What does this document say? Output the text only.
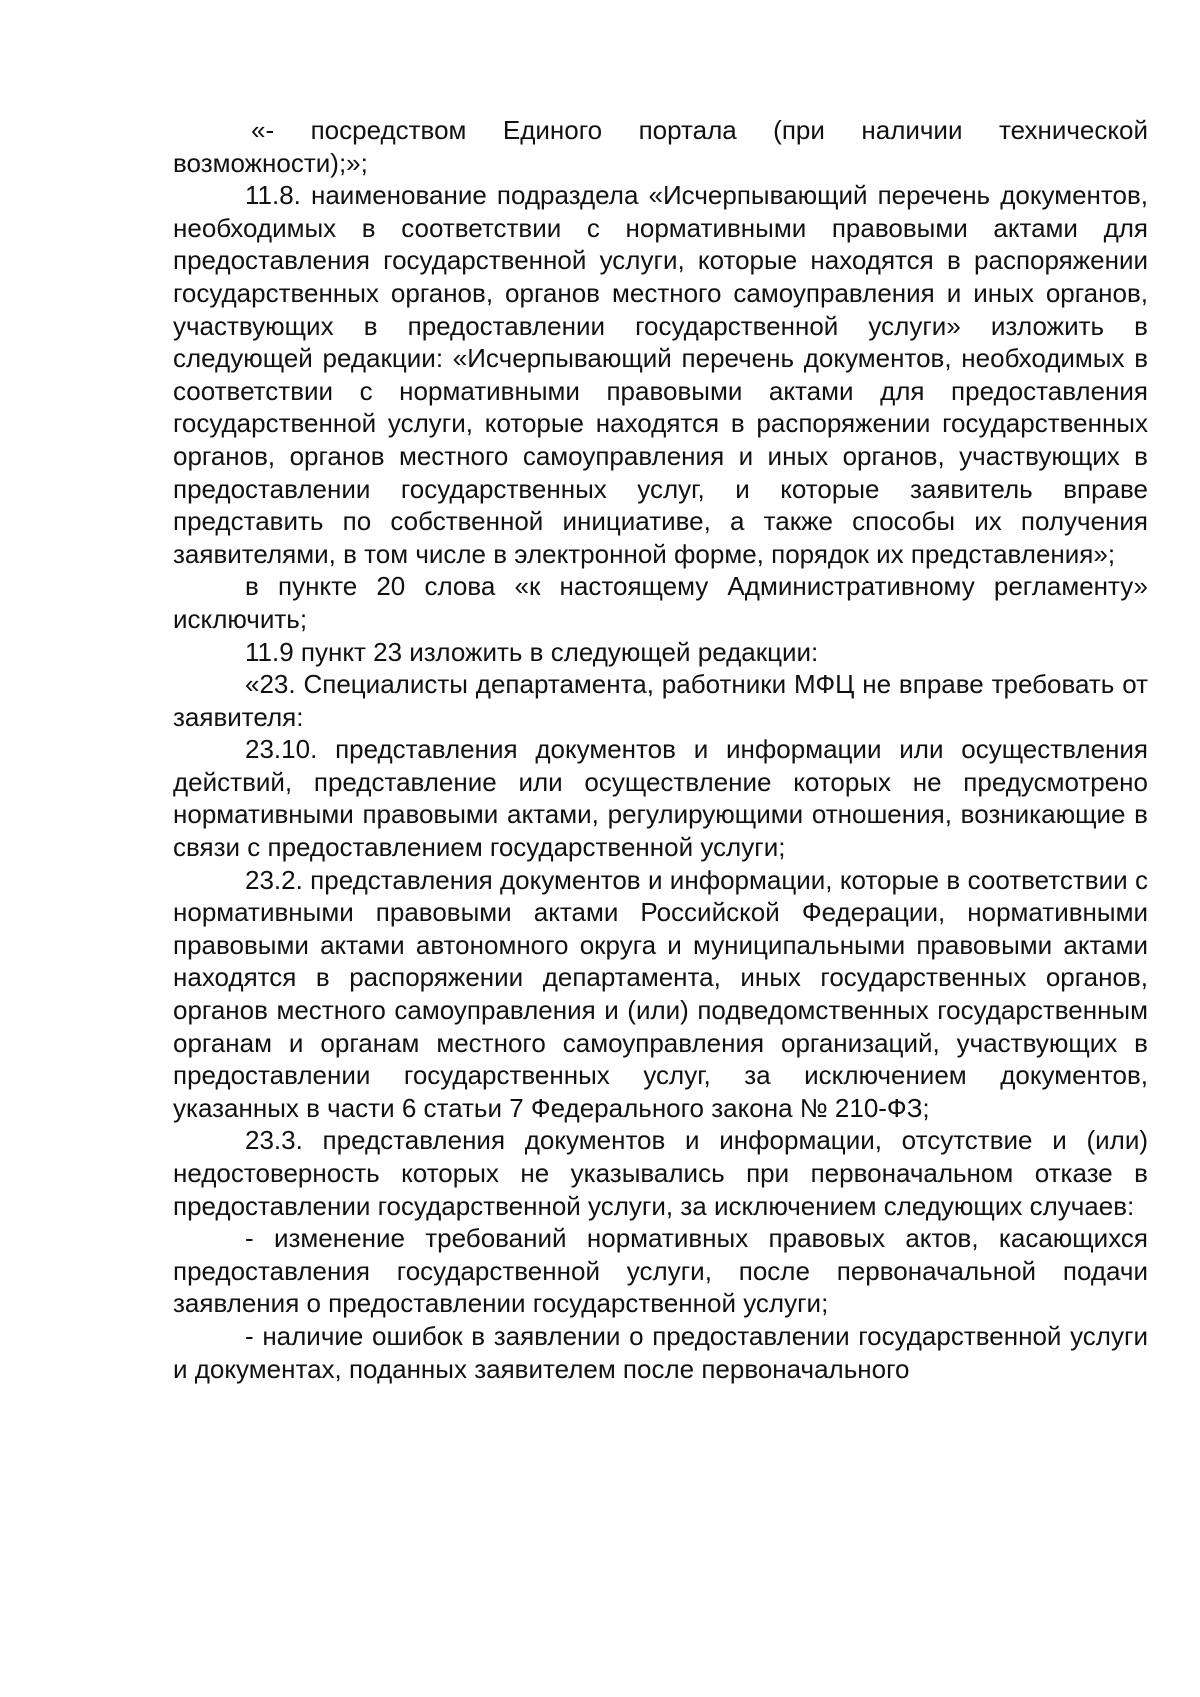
«- посредством Единого портала (при наличии технической возможности);»;

11.8. наименование подраздела «Исчерпывающий перечень документов, необходимых в соответствии с нормативными правовыми актами для предоставления государственной услуги, которые находятся в распоряжении государственных органов, органов местного самоуправления и иных органов, участвующих в предоставлении государственной услуги» изложить в следующей редакции: «Исчерпывающий перечень документов, необходимых в соответствии с нормативными правовыми актами для предоставления государственной услуги, которые находятся в распоряжении государственных органов, органов местного самоуправления и иных органов, участвующих в предоставлении государственных услуг, и которые заявитель вправе представить по собственной инициативе, а также способы их получения заявителями, в том числе в электронной форме, порядок их представления»;

в пункте 20 слова «к настоящему Административному регламенту» исключить;

11.9 пункт 23 изложить в следующей редакции:

«23. Специалисты департамента, работники МФЦ не вправе требовать от заявителя:

23.10. представления документов и информации или осуществления действий, представление или осуществление которых не предусмотрено нормативными правовыми актами, регулирующими отношения, возникающие в связи с предоставлением государственной услуги;

23.2. представления документов и информации, которые в соответствии с нормативными правовыми актами Российской Федерации, нормативными правовыми актами автономного округа и муниципальными правовыми актами находятся в распоряжении департамента, иных государственных органов, органов местного самоуправления и (или) подведомственных государственным органам и органам местного самоуправления организаций, участвующих в предоставлении государственных услуг, за исключением документов, указанных в части 6 статьи 7 Федерального закона № 210-ФЗ;

23.3. представления документов и информации, отсутствие и (или) недостоверность которых не указывались при первоначальном отказе в предоставлении государственной услуги, за исключением следующих случаев:

- изменение требований нормативных правовых актов, касающихся предоставления государственной услуги, после первоначальной подачи заявления о предоставлении государственной услуги;

- наличие ошибок в заявлении о предоставлении государственной услуги и документах, поданных заявителем после первоначального
